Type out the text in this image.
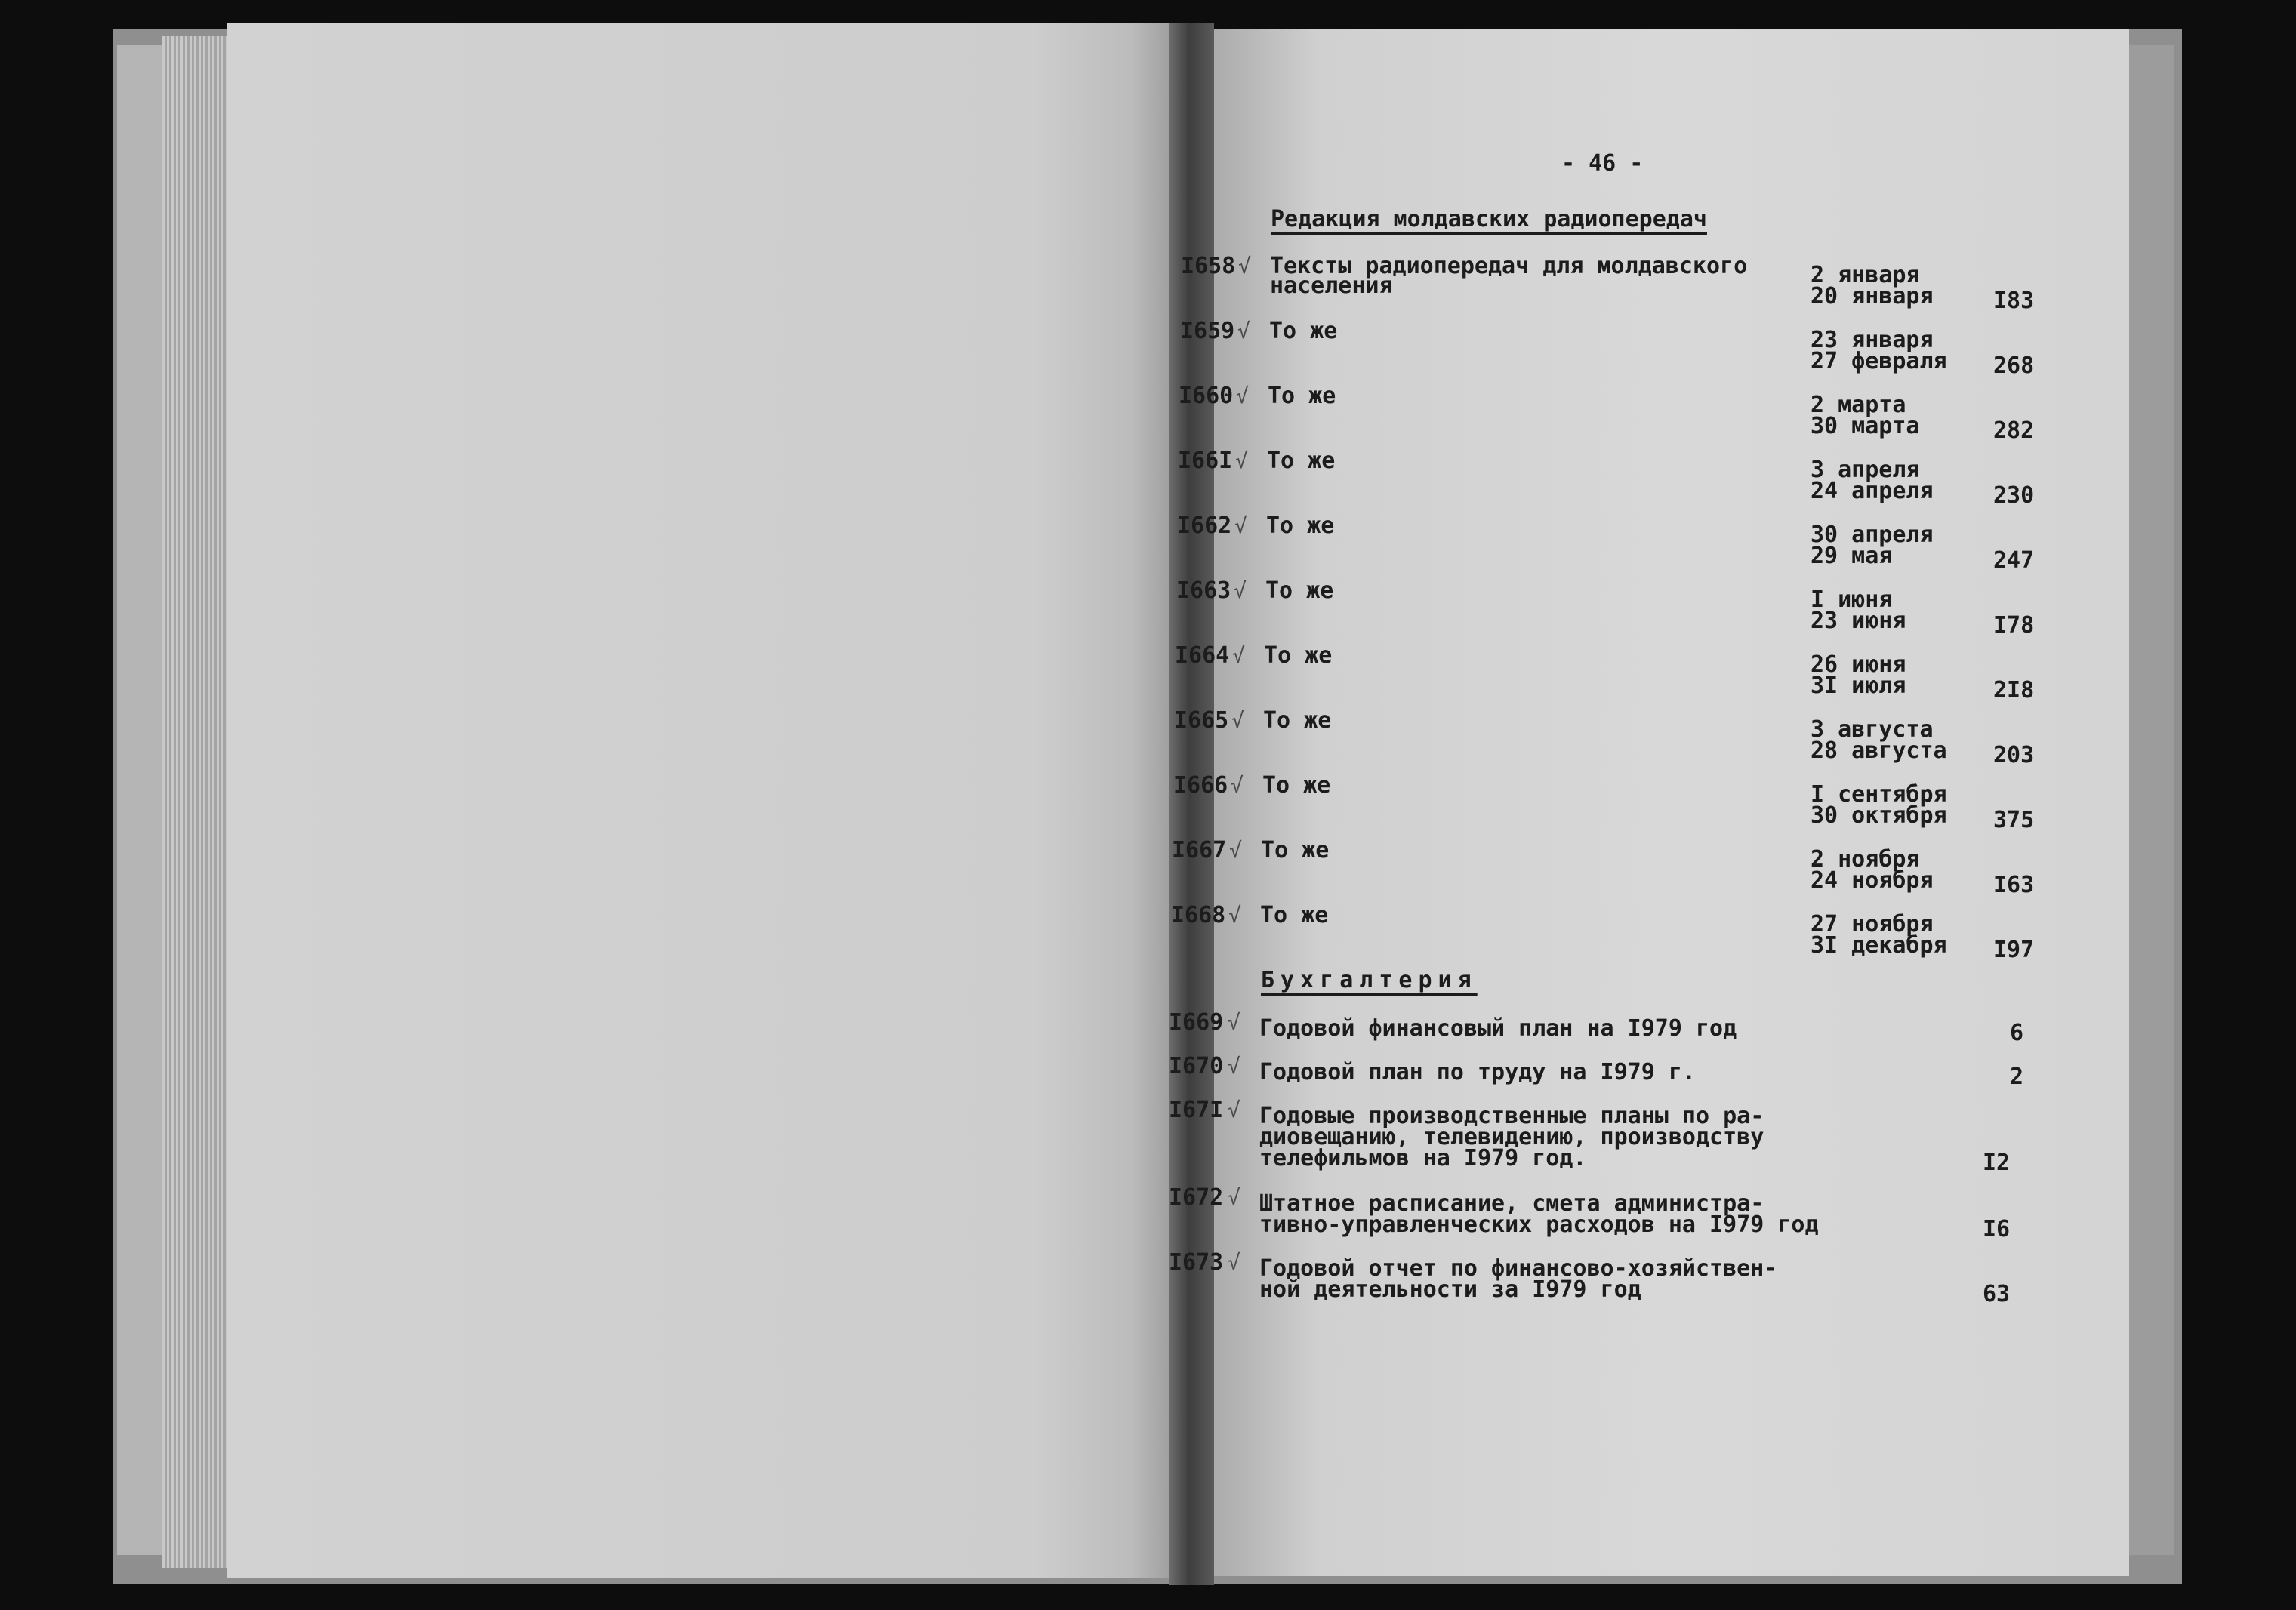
- 46 -
Редакция молдавских радиопередач
I658 √ Тексты радиопередач для молдавского
населения	2 января
20 января	I83
I659 √ То же	23 января
27 февраля 268
I660 √ То же	2 марта
30 марта	282
I66I √ То же	3 апреля
24 апреля	230
I662 √ То же	30 апреля
29 мая	247
I663 √ То же	I июня
23 июня	I78
I664 √ То же	26 июня
3I июля	2I8
I665 √ То же	3 августа
28 августа 203
I666 √ То же	I сентября
30 октября 375
I667 √ То же	2 ноября
24 ноября	I63
I668 √ То же	27 ноября
3I декабря I97
Бухгалтерия
I669 √ Годовой финансовый план на I979 год	6
I670 √ Годовой план по труду на I979 г.	2
I67I √ Годовые производственные планы по ра-
диовещанию, телевидению, производству
телефильмов на I979 год.	I2
I672 √ Штатное расписание, смета администра-
тивно-управленческих расходов на I979 год	I6
I673 √ Годовой отчет по финансово-хозяйствен-
ной деятельности за I979 год	63
